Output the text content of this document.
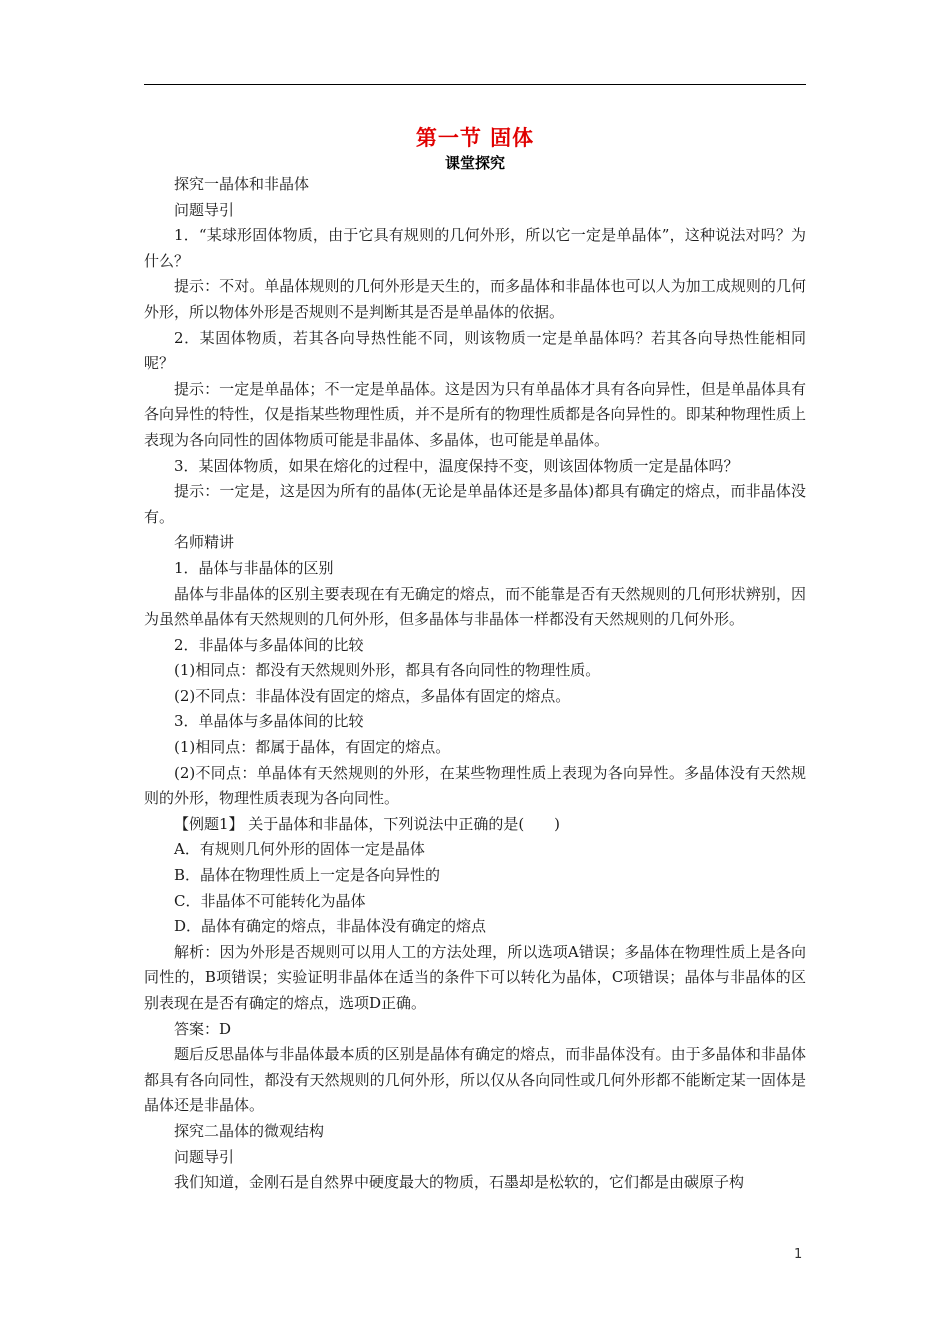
第一节 固体
课堂探究

探究一晶体和非晶体

问题导引

1．“某球形固体物质，由于它具有规则的几何外形，所以它一定是单晶体”，这种说法对吗？为什么？

提示：不对。单晶体规则的几何外形是天生的，而多晶体和非晶体也可以人为加工成规则的几何外形，所以物体外形是否规则不是判断其是否是单晶体的依据。

2．某固体物质，若其各向导热性能不同，则该物质一定是单晶体吗？若其各向导热性能相同呢？

提示：一定是单晶体；不一定是单晶体。这是因为只有单晶体才具有各向异性，但是单晶体具有各向异性的特性，仅是指某些物理性质，并不是所有的物理性质都是各向异性的。即某种物理性质上表现为各向同性的固体物质可能是非晶体、多晶体，也可能是单晶体。

3．某固体物质，如果在熔化的过程中，温度保持不变，则该固体物质一定是晶体吗？

提示：一定是，这是因为所有的晶体(无论是单晶体还是多晶体)都具有确定的熔点，而非晶体没有。

名师精讲

1．晶体与非晶体的区别

晶体与非晶体的区别主要表现在有无确定的熔点，而不能靠是否有天然规则的几何形状辨别，因为虽然单晶体有天然规则的几何外形，但多晶体与非晶体一样都没有天然规则的几何外形。

2．非晶体与多晶体间的比较

(1)相同点：都没有天然规则外形，都具有各向同性的物理性质。

(2)不同点：非晶体没有固定的熔点，多晶体有固定的熔点。

3．单晶体与多晶体间的比较

(1)相同点：都属于晶体，有固定的熔点。

(2)不同点：单晶体有天然规则的外形，在某些物理性质上表现为各向异性。多晶体没有天然规则的外形，物理性质表现为各向同性。

【例题1】 关于晶体和非晶体，下列说法中正确的是(　　)

A．有规则几何外形的固体一定是晶体

B．晶体在物理性质上一定是各向异性的

C．非晶体不可能转化为晶体

D．晶体有确定的熔点，非晶体没有确定的熔点

解析：因为外形是否规则可以用人工的方法处理，所以选项A错误；多晶体在物理性质上是各向同性的，B项错误；实验证明非晶体在适当的条件下可以转化为晶体，C项错误；晶体与非晶体的区别表现在是否有确定的熔点，选项D正确。

答案：D

题后反思晶体与非晶体最本质的区别是晶体有确定的熔点，而非晶体没有。由于多晶体和非晶体都具有各向同性，都没有天然规则的几何外形，所以仅从各向同性或几何外形都不能断定某一固体是晶体还是非晶体。

探究二晶体的微观结构

问题导引

我们知道，金刚石是自然界中硬度最大的物质，石墨却是松软的，它们都是由碳原子构

1
